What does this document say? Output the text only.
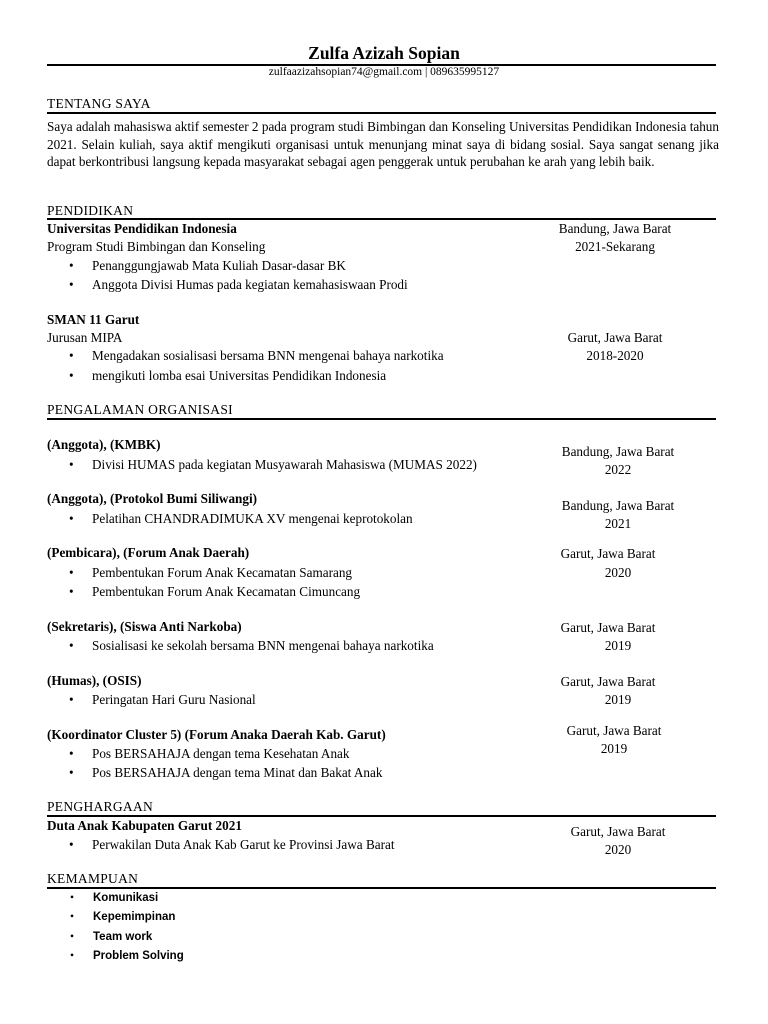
Zulfa Azizah Sopian
zulfaazizahsopian74@gmail.com | 089635995127
TENTANG SAYA
Saya adalah mahasiswa aktif semester 2 pada program studi Bimbingan dan Konseling Universitas Pendidikan Indonesia tahun 2021. Selain kuliah, saya aktif mengikuti organisasi untuk menunjang minat saya di bidang sosial. Saya sangat senang jika dapat berkontribusi langsung kepada masyarakat sebagai agen penggerak untuk perubahan ke arah yang lebih baik.
PENDIDIKAN
Universitas Pendidikan Indonesia
Program Studi Bimbingan dan Konseling
Bandung, Jawa Barat
2021-Sekarang
• Penanggungjawab Mata Kuliah Dasar-dasar BK
• Anggota Divisi Humas pada kegiatan kemahasiswaan Prodi
SMAN 11 Garut
Jurusan MIPA	Garut, Jawa Barat
2018-2020
• Mengadakan sosialisasi bersama BNN mengenai bahaya narkotika
• mengikuti lomba esai Universitas Pendidikan Indonesia
PENGALAMAN ORGANISASI
(Anggota), (KMBK)
• Divisi HUMAS pada kegiatan Musyawarah Mahasiswa (MUMAS 2022)
Bandung, Jawa Barat
2022
(Anggota), (Protokol Bumi Siliwangi)
• Pelatihan CHANDRADIMUKA XV mengenai keprotokolan
Bandung, Jawa Barat
2021
(Pembicara), (Forum Anak Daerah)
• Pembentukan Forum Anak Kecamatan Samarang
• Pembentukan Forum Anak Kecamatan Cimuncang
Garut, Jawa Barat
2020
(Sekretaris), (Siswa Anti Narkoba)
• Sosialisasi ke sekolah bersama BNN mengenai bahaya narkotika
Garut, Jawa Barat
2019
(Humas), (OSIS)
• Peringatan Hari Guru Nasional
Garut, Jawa Barat
2019
(Koordinator Cluster 5) (Forum Anaka Daerah Kab. Garut)
• Pos BERSAHAJA dengan tema Kesehatan Anak
• Pos BERSAHAJA dengan tema Minat dan Bakat Anak
Garut, Jawa Barat
2019
PENGHARGAAN
Duta Anak Kabupaten Garut 2021
• Perwakilan Duta Anak Kab Garut ke Provinsi Jawa Barat
Garut, Jawa Barat
2020
KEMAMPUAN
• Komunikasi
• Kepemimpinan
• Team work
• Problem Solving
